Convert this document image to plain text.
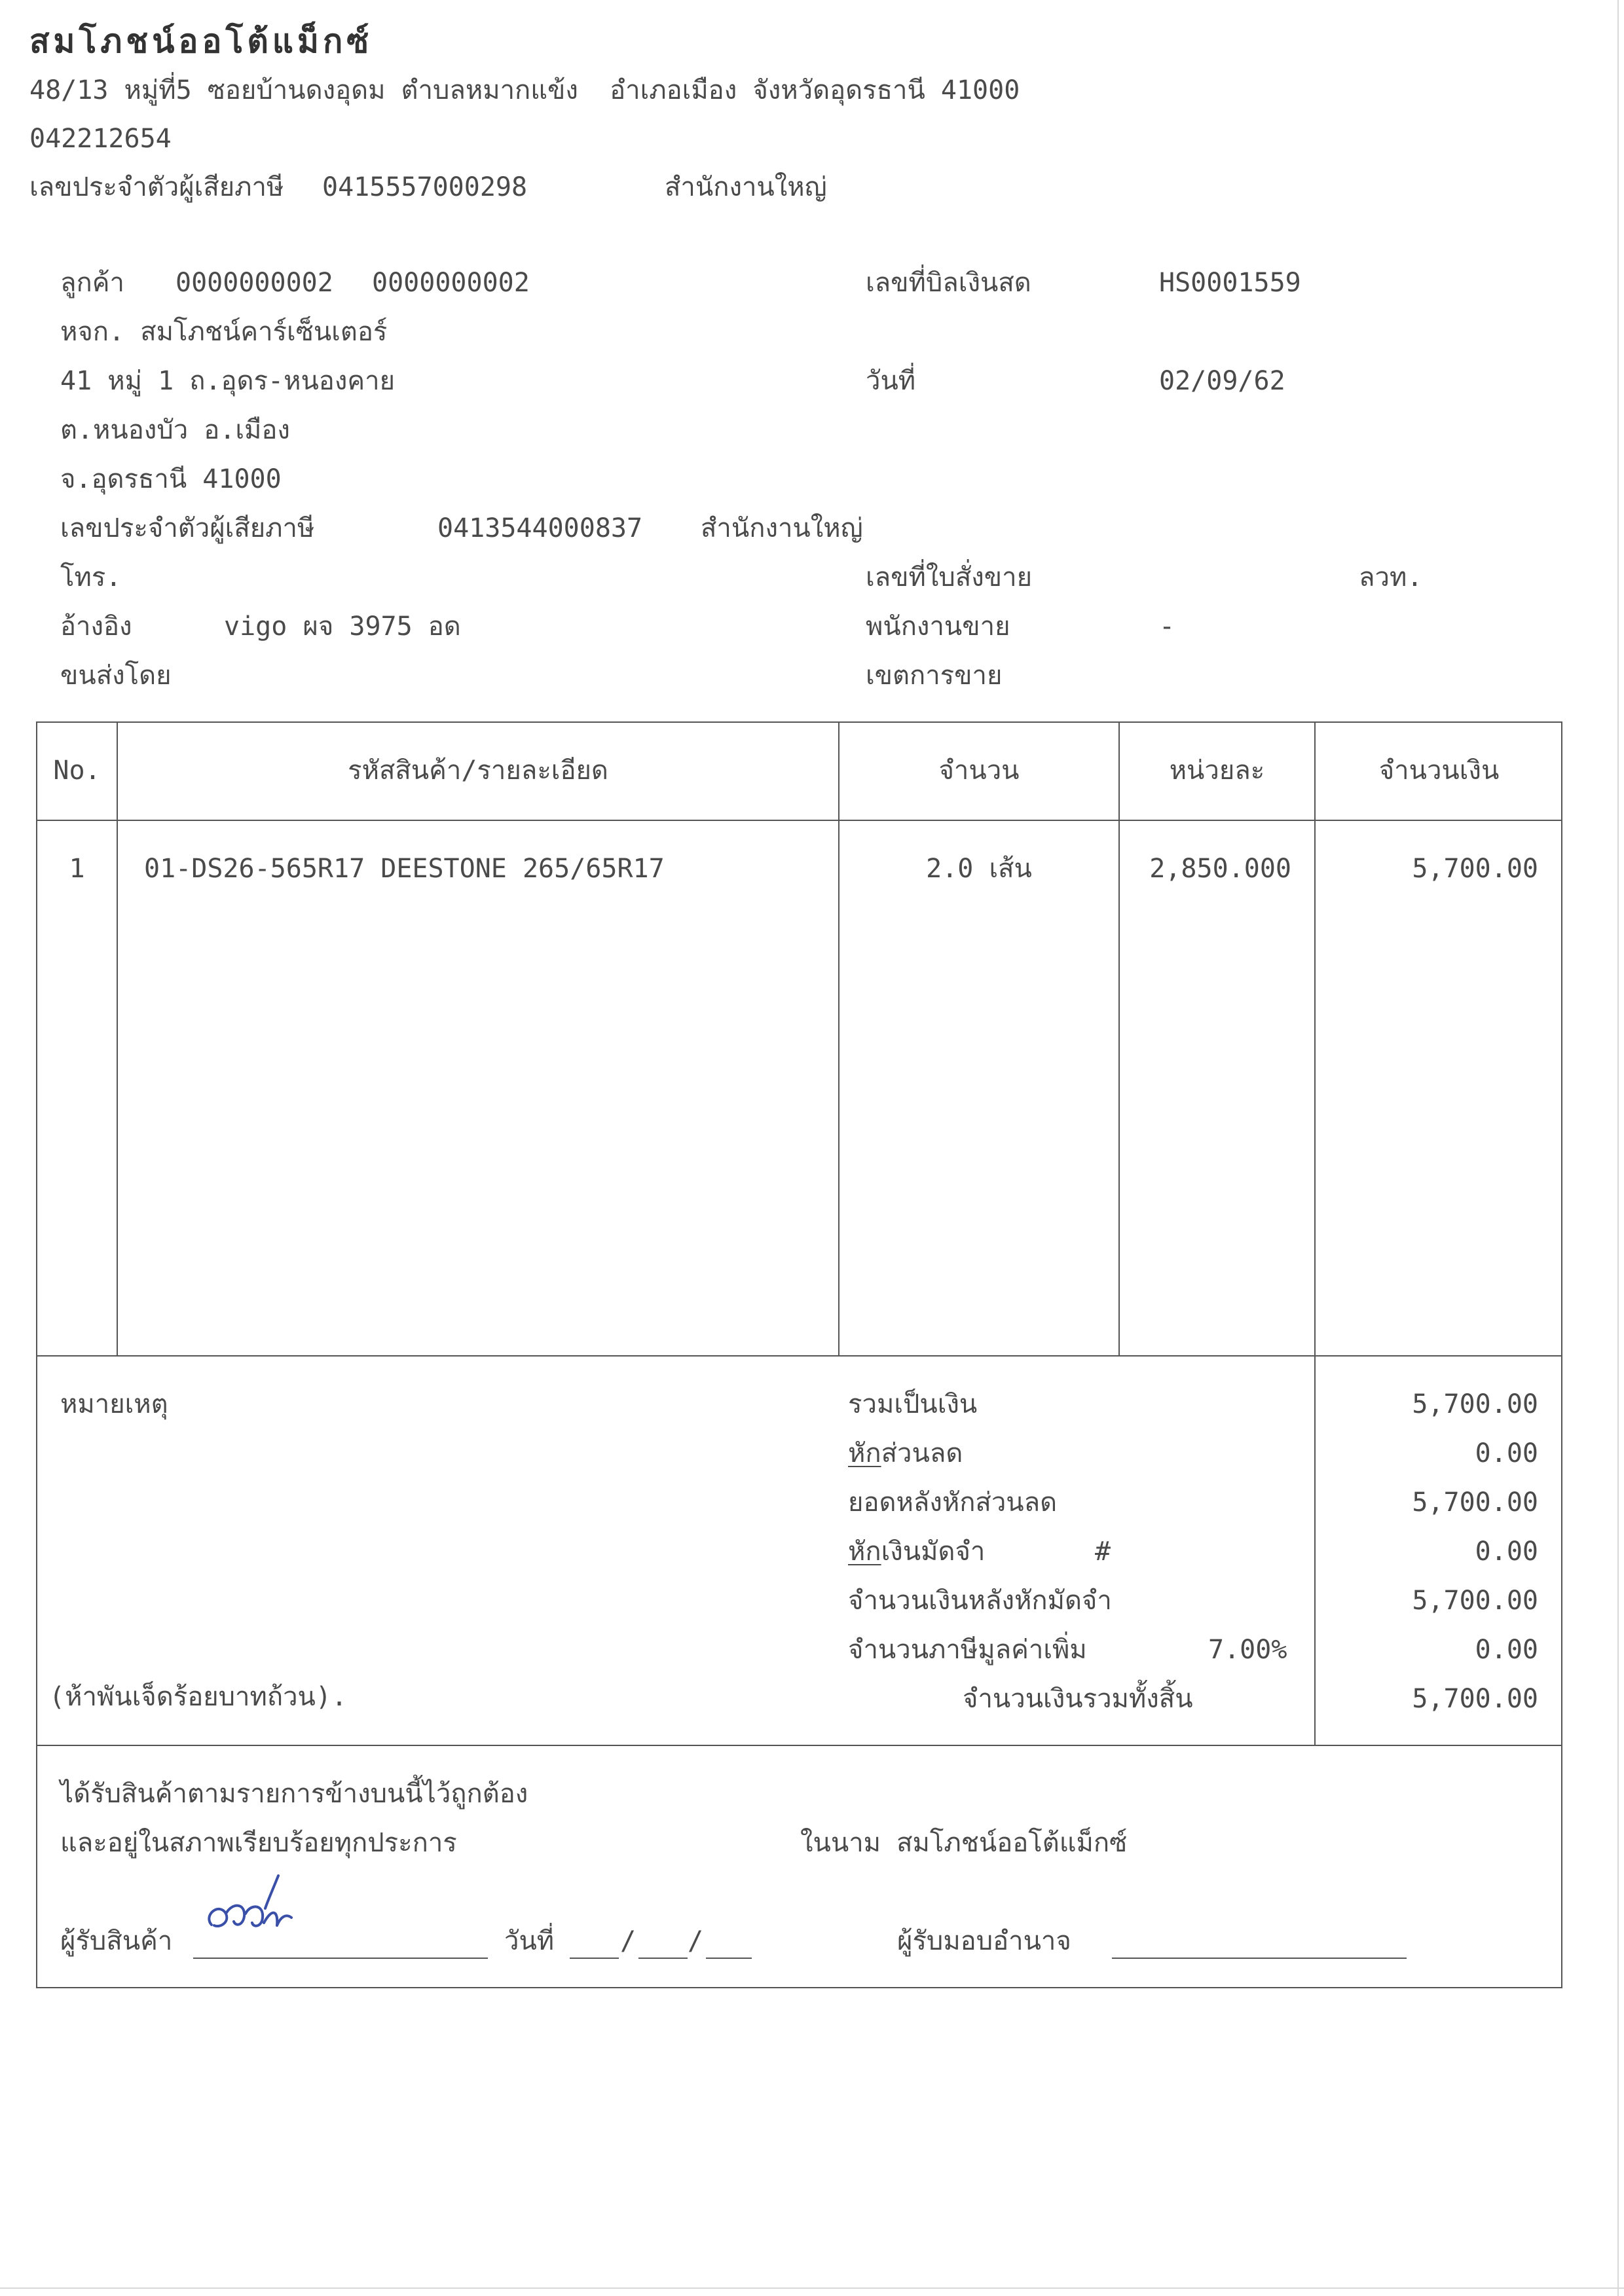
สมโภชน์ออโต้แม็กซ์
48/13 หมู่ที่5 ซอยบ้านดงอุดม ตำบลหมากแข้ง  อำเภอเมือง จังหวัดอุดรธานี 41000
042212654
เลขประจำตัวผู้เสียภาษี 0415557000298	สำนักงานใหญ่
ลูกค้า 0000000002 0000000002
หจก. สมโภชน์คาร์เซ็นเตอร์
41 หมู่ 1 ถ.อุดร-หนองคาย
ต.หนองบัว อ.เมือง
จ.อุดรธานี 41000
เลขประจำตัวผู้เสียภาษี	0413544000837 สำนักงานใหญ่
โทร.
อ้างอิง	vigo ผจ 3975 อด
ขนส่งโดย
เลขที่บิลเงินสด	HS0001559
วันที่	02/09/62
เลขที่ใบสั่งขาย	ลวท.
พนักงานขาย	-
เขตการขาย
No.	รหัสสินค้า/รายละเอียด	จำนวน	หน่วยละ	จำนวนเงิน
1	01-DS26-565R17 DEESTONE 265/65R17	2.0 เส้น	2,850.000	5,700.00
หมายเหตุ
(ห้าพันเจ็ดร้อยบาทถ้วน).
รวมเป็นเงิน	5,700.00
หักส่วนลด	0.00
ยอดหลังหักส่วนลด	5,700.00
หักเงินมัดจำ	#	0.00
จำนวนเงินหลังหักมัดจำ	5,700.00
จำนวนภาษีมูลค่าเพิ่ม	7.00%	0.00
จำนวนเงินรวมทั้งสิ้น	5,700.00
ได้รับสินค้าตามรายการข้างบนนี้ไว้ถูกต้อง
และอยู่ในสภาพเรียบร้อยทุกประการ	ในนาม สมโภชน์ออโต้แม็กซ์
ผู้รับสินค้า	วันที่	/ /	ผู้รับมอบอำนาจ
